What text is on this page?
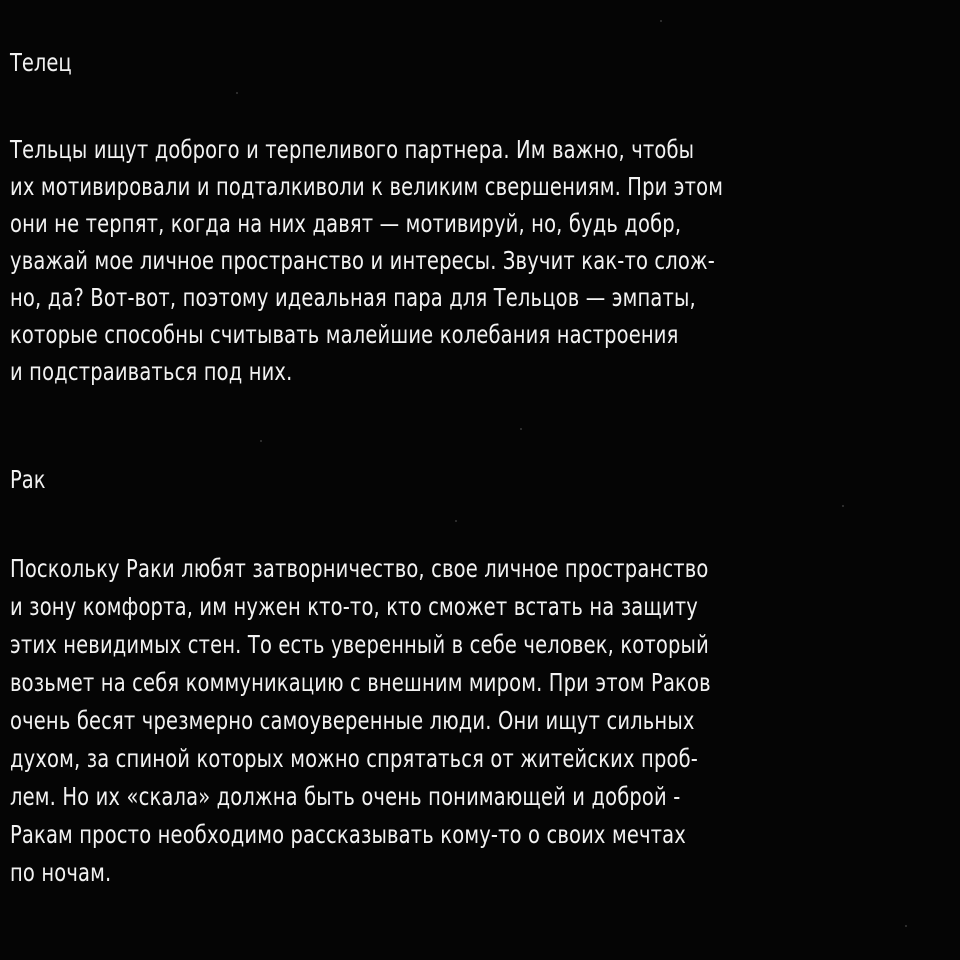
Телец

Тельцы ищут доброго и терпеливого партнера. Им важно, чтобы

их мотивировали и подталкиволи к великим свершениям. При этом

они не терпят, когда на них давят — мотивируй, но, будь добр,

уважай мое личное пространство и интересы. Звучит как-то слож-

но, да? Вот-вот, поэтому идеальная пара для Тельцов — эмпаты,

которые способны считывать малейшие колебания настроения

и подстраиваться под них.

Рак

Поскольку Раки любят затворничество, свое личное пространство

и зону комфорта, им нужен кто-то, кто сможет встать на защиту

этих невидимых стен. То есть уверенный в себе человек, который

возьмет на себя коммуникацию с внешним миром. При этом Раков

очень бесят чрезмерно самоуверенные люди. Они ищут сильных

духом, за спиной которых можно спрятаться от житейских проб-

лем. Но их «скала» должна быть очень понимающей и доброй -

Ракам просто необходимо рассказывать кому-то о своих мечтах

по ночам.
